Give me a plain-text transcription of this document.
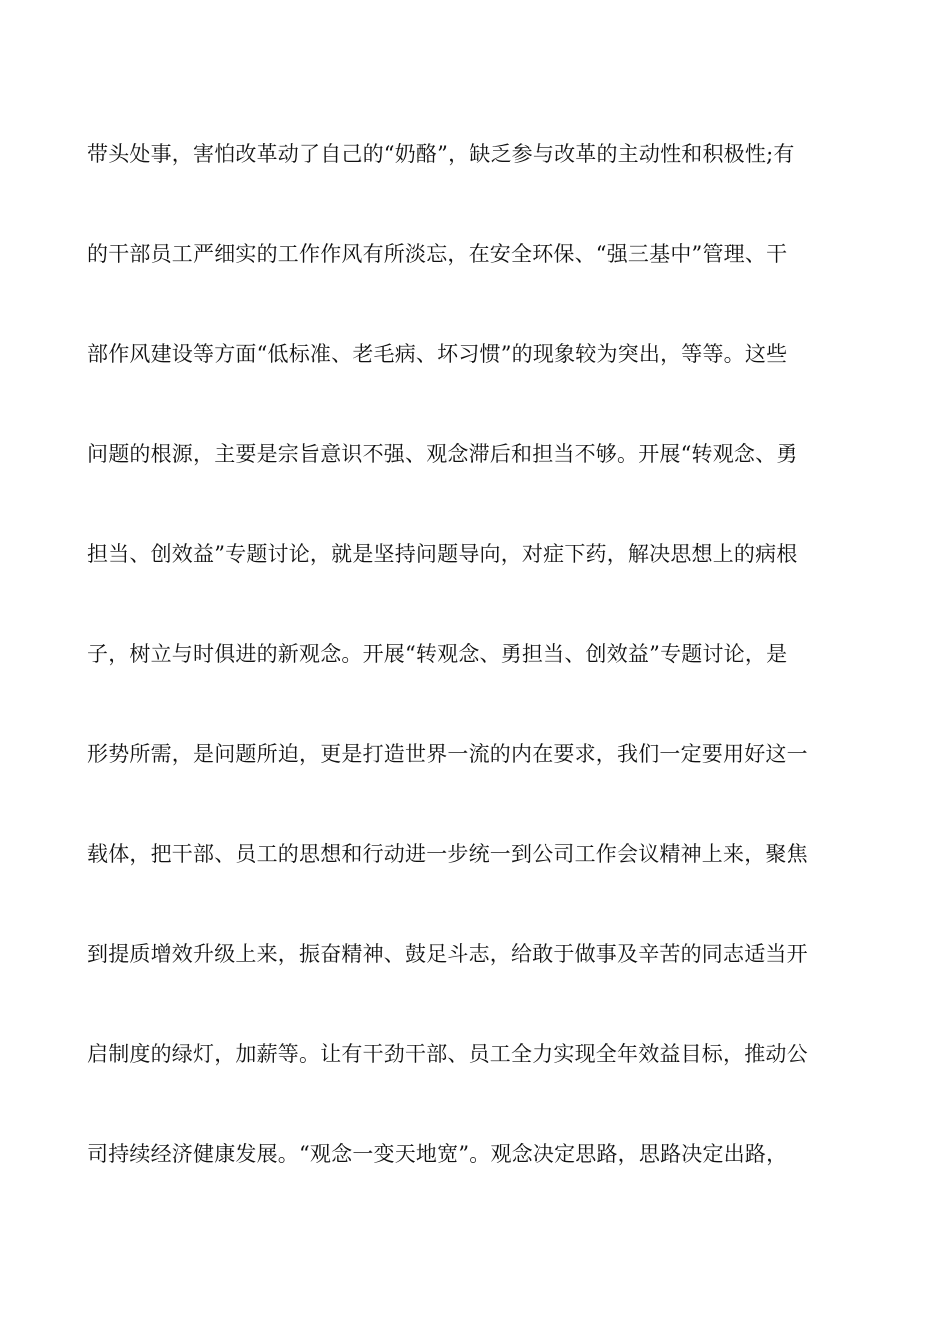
带头处事，害怕改革动了自己的“奶酪”，缺乏参与改革的主动性和积极性;有
的干部员工严细实的工作作风有所淡忘，在安全环保、“强三基中”管理、干
部作风建设等方面“低标准、老毛病、坏习惯”的现象较为突出，等等。这些
问题的根源，主要是宗旨意识不强、观念滞后和担当不够。开展“转观念、勇
担当、创效益”专题讨论，就是坚持问题导向，对症下药，解决思想上的病根
子，树立与时俱进的新观念。开展“转观念、勇担当、创效益”专题讨论，是
形势所需，是问题所迫，更是打造世界一流的内在要求，我们一定要用好这一
载体，把干部、员工的思想和行动进一步统一到公司工作会议精神上来，聚焦
到提质增效升级上来，振奋精神、鼓足斗志，给敢于做事及辛苦的同志适当开
启制度的绿灯，加薪等。让有干劲干部、员工全力实现全年效益目标，推动公
司持续经济健康发展。“观念一变天地宽”。观念决定思路，思路决定出路，
